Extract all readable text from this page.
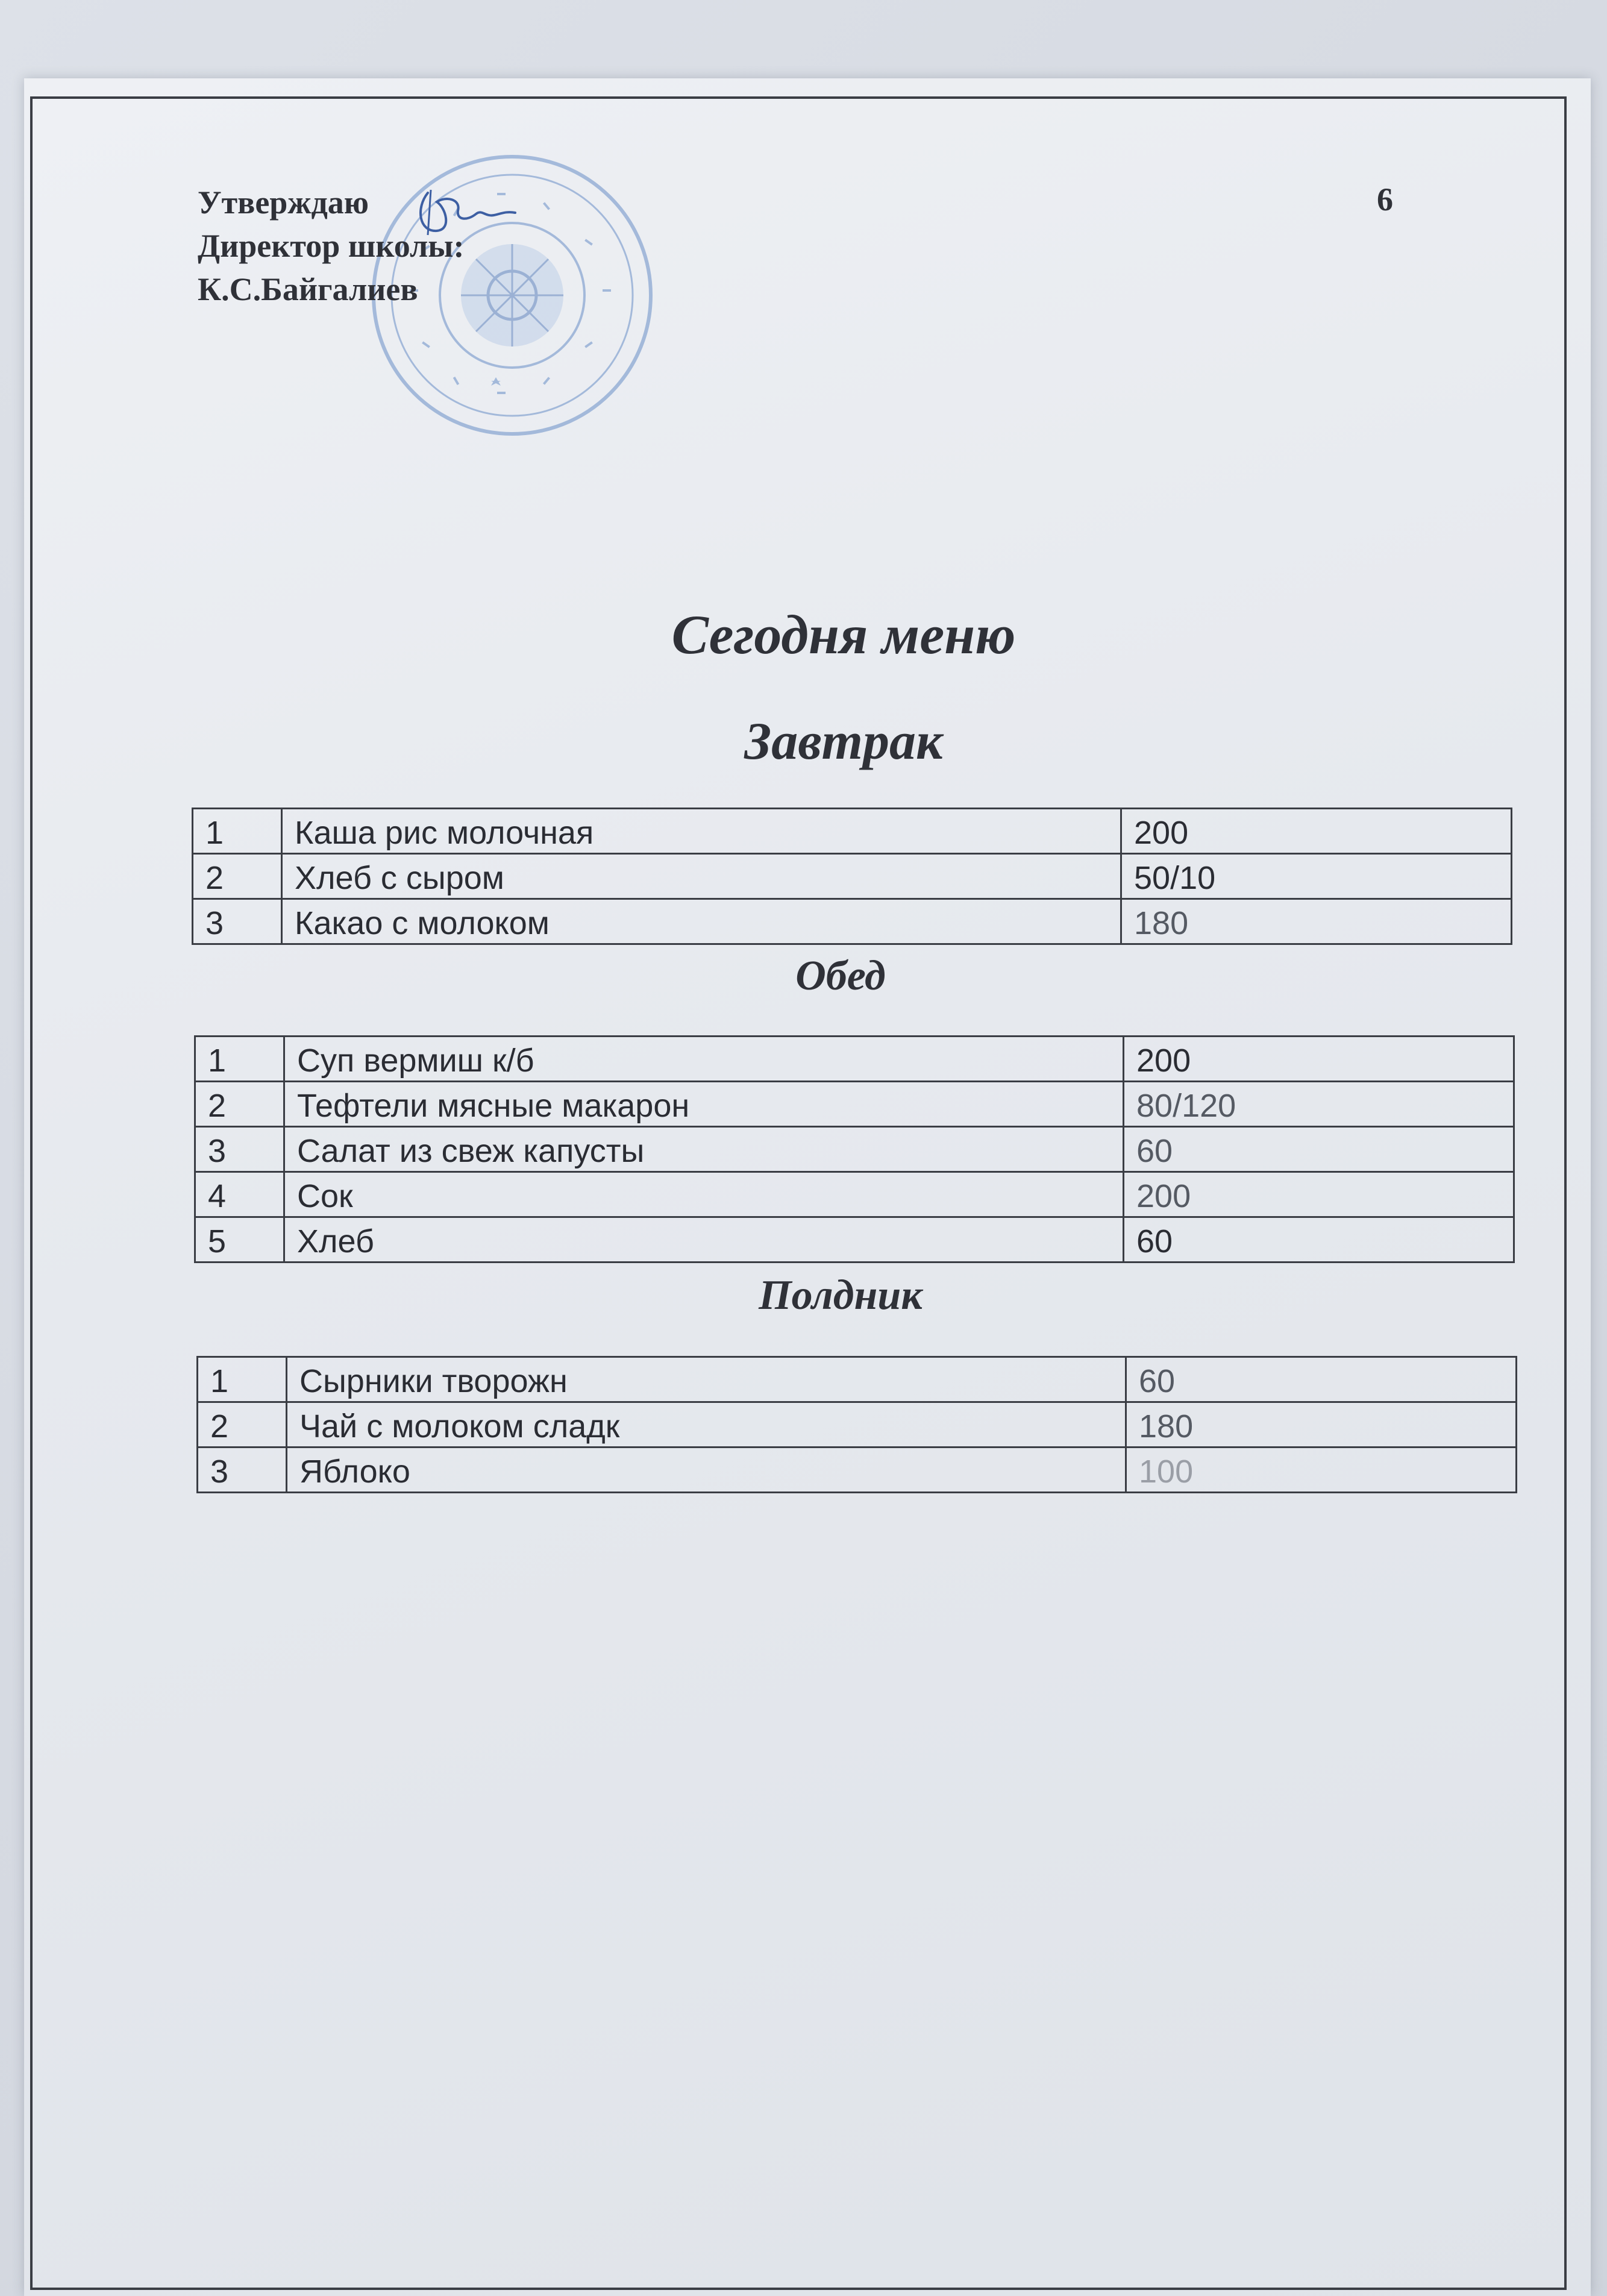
Утверждаю
Директор школы:
К.С.Байгалиев
6
Сегодня меню
Завтрак
1	Каша рис молочная	200
2	Хлеб с сыром	50/10
3	Какао с молоком	180
Обед
1	Суп вермиш к/б	200
2	Тефтели мясные макарон	80/120
3	Салат из свеж капусты	60
4	Сок	200
5	Хлеб	60
Полдник
1	Сырники творожн	60
2	Чай с молоком сладк	180
3	Яблоко	100
